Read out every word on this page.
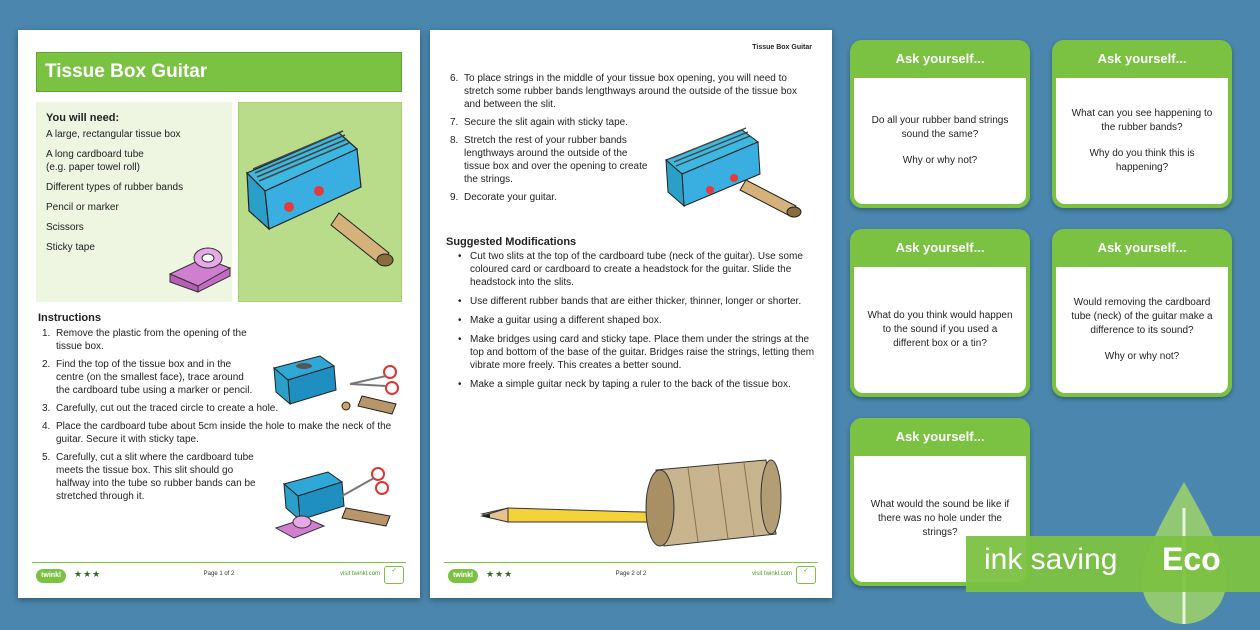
Tissue Box Guitar
You will need:
A large, rectangular tissue box
A long cardboard tube
(e.g. paper towel roll)
Different types of rubber bands
Pencil or marker
Scissors
Sticky tape
Instructions
1. Remove the plastic from the opening of the tissue box.
2. Find the top of the tissue box and in the centre (on the smallest face), trace around the cardboard tube using a marker or pencil.
3. Carefully, cut out the traced circle to create a hole.
4. Place the cardboard tube about 5cm inside the hole to make the neck of the guitar. Secure it with sticky tape.
5. Carefully, cut a slit where the cardboard tube meets the tissue box. This slit should go halfway into the tube so rubber bands can be stretched through it.
twinkl	★★★	Page 1 of 2	visit twinkl.com	✓
Tissue Box Guitar
6. To place strings in the middle of your tissue box opening, you will need to stretch some rubber bands lengthways around the outside of the tissue box and between the slit.
7. Secure the slit again with sticky tape.
8. Stretch the rest of your rubber bands lengthways around the outside of the tissue box and over the opening to create the strings.
9. Decorate your guitar.
Suggested Modifications
• Cut two slits at the top of the cardboard tube (neck of the guitar). Use some coloured card or cardboard to create a headstock for the guitar. Slide the headstock into the slits.
• Use different rubber bands that are either thicker, thinner, longer or shorter.
• Make a guitar using a different shaped box.
• Make bridges using card and sticky tape. Place them under the strings at the top and bottom of the base of the guitar. Bridges raise the strings, letting them vibrate more freely. This creates a better sound.
• Make a simple guitar neck by taping a ruler to the back of the tissue box.
twinkl	★★★	Page 2 of 2	visit twinkl.com	✓
Ask yourself...

Do all your rubber band strings sound the same?

Why or why not?

Ask yourself...

What can you see happening to the rubber bands?

Why do you think this is happening?

Ask yourself...

What do you think would happen to the sound if you used a different box or a tin?

Ask yourself...

Would removing the cardboard tube (neck) of the guitar make a difference to its sound?

Why or why not?

Ask yourself...

What would the sound be like if there was no hole under the strings?

ink saving Eco
